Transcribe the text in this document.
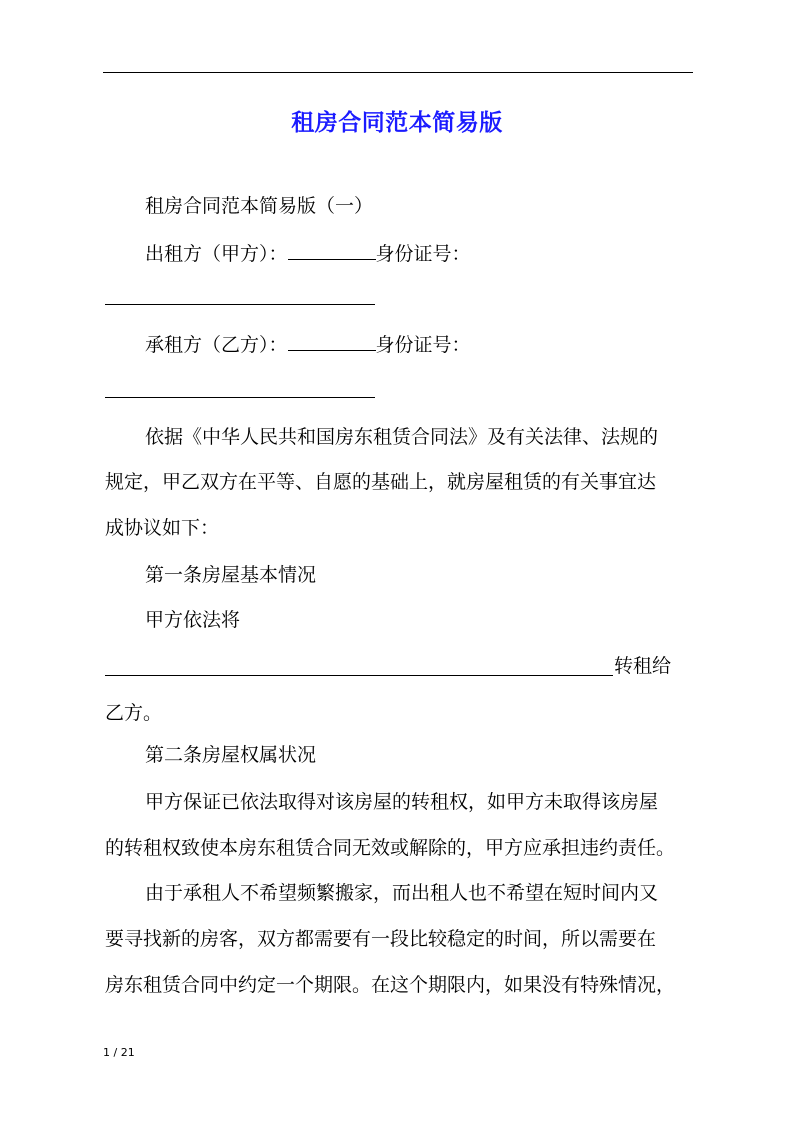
租房合同范本简易版
租房合同范本简易版（一）
出租方（甲方）：	身份证号：
承租方（乙方）：	身份证号：
依据《中华人民共和国房东租赁合同法》及有关法律、法规的
规定，甲乙双方在平等、自愿的基础上，就房屋租赁的有关事宜达
成协议如下：
第一条房屋基本情况
甲方依法将
转租给
乙方。
第二条房屋权属状况
甲方保证已依法取得对该房屋的转租权，如甲方未取得该房屋
的转租权致使本房东租赁合同无效或解除的，甲方应承担违约责任。
由于承租人不希望频繁搬家，而出租人也不希望在短时间内又
要寻找新的房客，双方都需要有一段比较稳定的时间，所以需要在
房东租赁合同中约定一个期限。在这个期限内，如果没有特殊情况，
1 / 21
